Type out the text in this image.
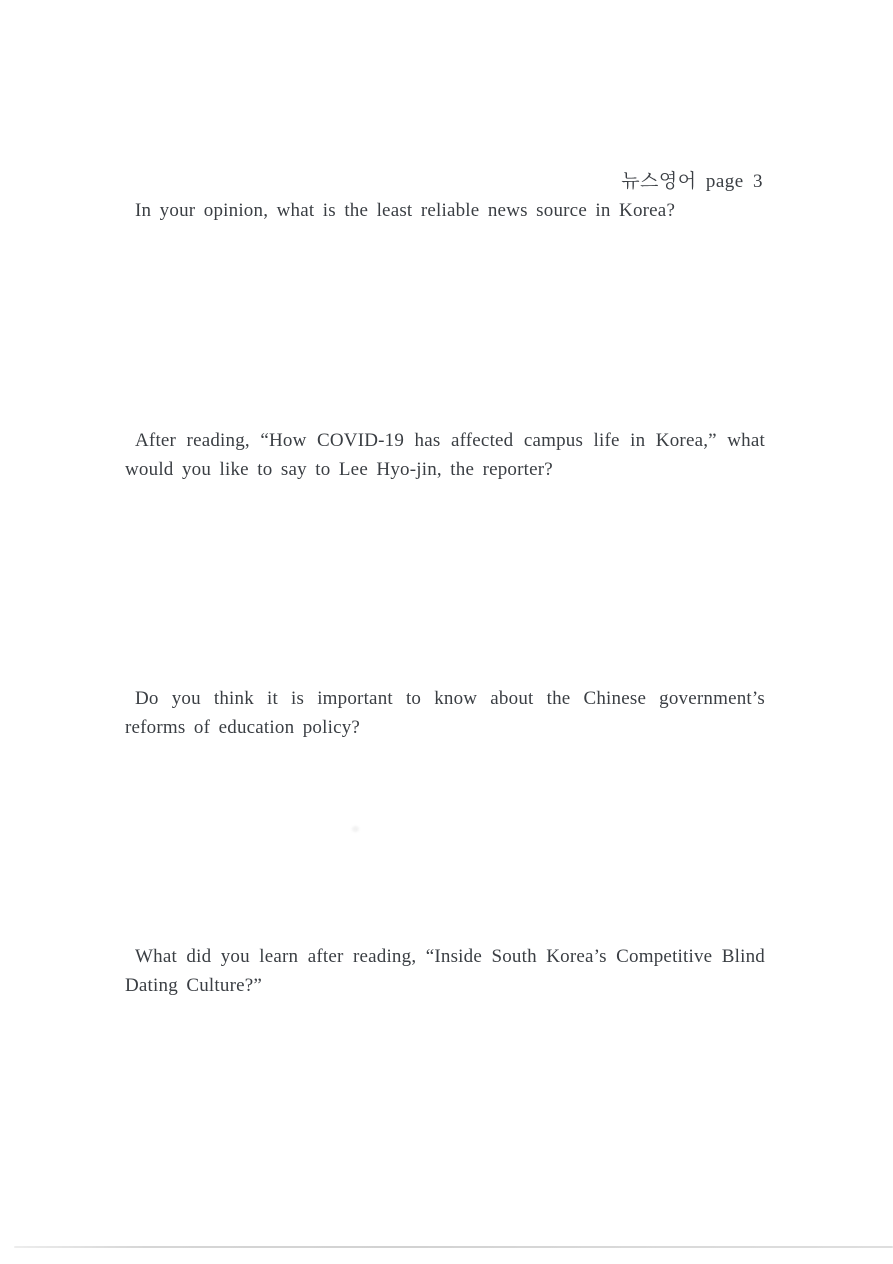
뉴스영어 page 3
In your opinion, what is the least reliable news source in Korea?
After reading, “How COVID-19 has affected campus life in Korea,” what would you like to say to Lee Hyo-jin, the reporter?
Do you think it is important to know about the Chinese government’s reforms of education policy?
What did you learn after reading, “Inside South Korea’s Competitive Blind Dating Culture?”
